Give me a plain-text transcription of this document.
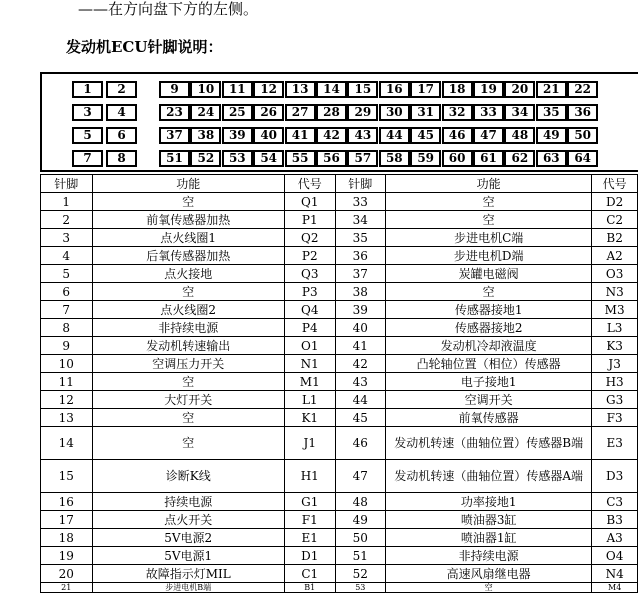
——在方向盘下方的左侧。
发动机ECU针脚说明：
1	2	9	10	11	12	13	14	15	16	17	18	19	20	21	22
3	4	23	24	25	26	27	28	29	30	31	32	33	34	35	36
5	6	37	38	39	40	41	42	43	44	45	46	47	48	49	50
7	8	51	52	53	54	55	56	57	58	59	60	61	62	63	64
针脚	功能	代号	针脚	功能	代号
1	空	Q1	33	空	D2
2	前氧传感器加热	P1	34	空	C2
3	点火线圈1	Q2	35	步进电机C端	B2
4	后氧传感器加热	P2	36	步进电机D端	A2
5	点火接地	Q3	37	炭罐电磁阀	O3
6	空	P3	38	空	N3
7	点火线圈2	Q4	39	传感器接地1	M3
8	非持续电源	P4	40	传感器接地2	L3
9	发动机转速输出	O1	41	发动机冷却液温度	K3
10	空调压力开关	N1	42	凸轮轴位置（相位）传感器	J3
11	空	M1	43	电子接地1	H3
12	大灯开关	L1	44	空调开关	G3
13	空	K1	45	前氧传感器	F3
14	空	J1	46	发动机转速（曲轴位置）传感器B端	E3
15	诊断K线	H1	47	发动机转速（曲轴位置）传感器A端	D3
16	持续电源	G1	48	功率接地1	C3
17	点火开关	F1	49	喷油器3缸	B3
18	5V电源2	E1	50	喷油器1缸	A3
19	5V电源1	D1	51	非持续电源	O4
20	故障指示灯MIL	C1	52	高速风扇继电器	N4
21	步进电机B端	B1	53	空	M4
